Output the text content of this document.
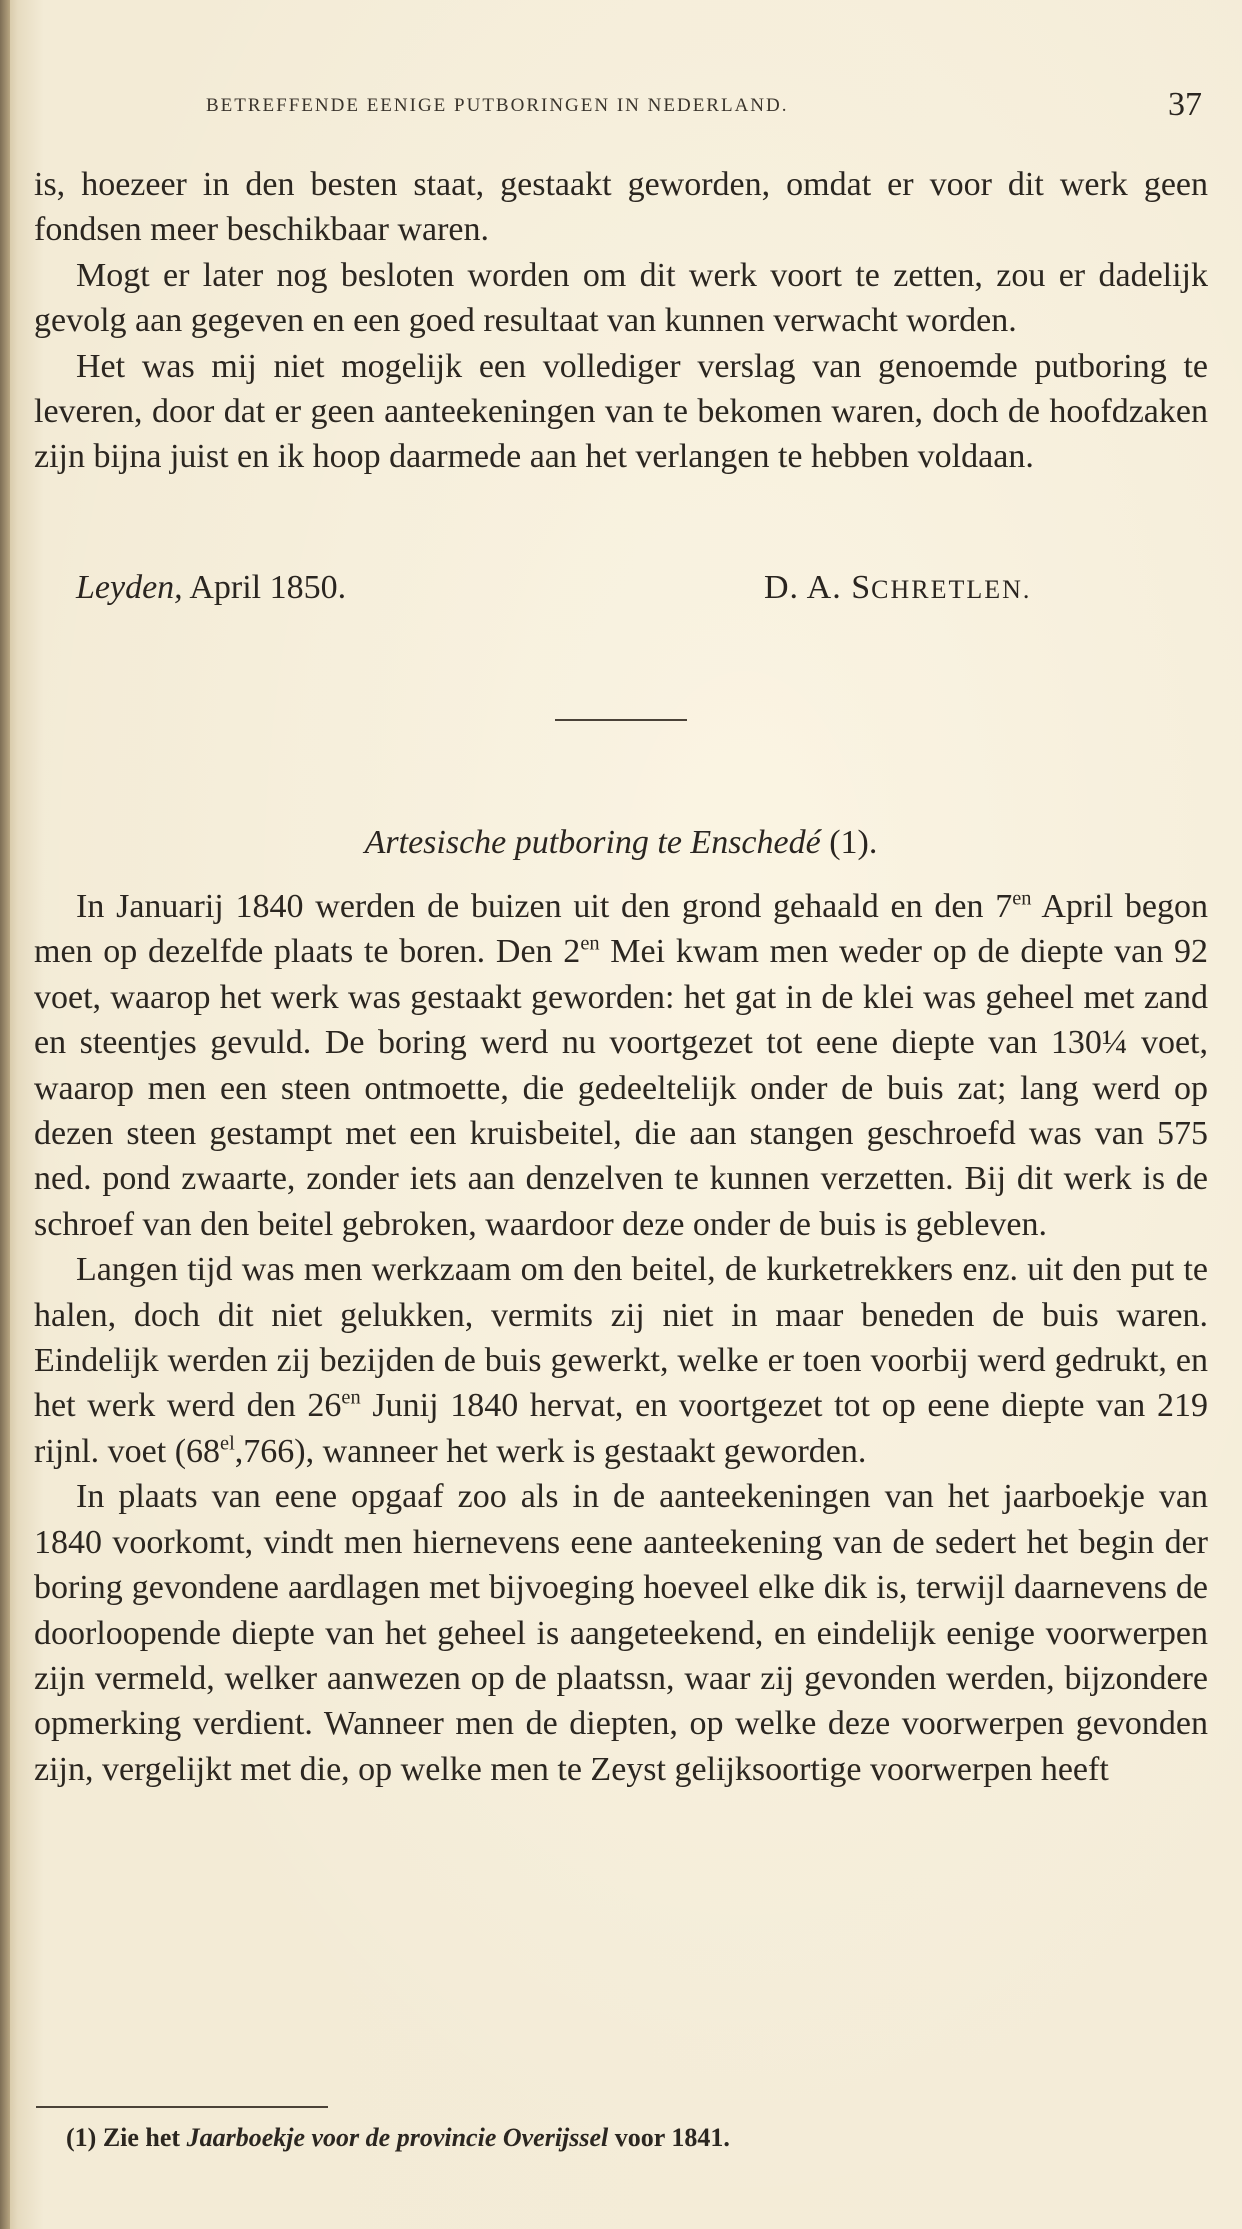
BETREFFENDE EENIGE PUTBORINGEN IN NEDERLAND.	37

is, hoezeer in den besten staat, gestaakt geworden, omdat er voor dit werk geen fondsen meer beschikbaar waren.

Mogt er later nog besloten worden om dit werk voort te zetten, zou er dadelijk gevolg aan gegeven en een goed resultaat van kunnen verwacht worden.

Het was mij niet mogelijk een vollediger verslag van genoemde putboring te leveren, door dat er geen aanteekeningen van te bekomen waren, doch de hoofdzaken zijn bijna juist en ik hoop daarmede aan het verlangen te hebben voldaan.

Leyden, April 1850.	D. A. SCHRETLEN.
Artesische putboring te Enschedé (1).

In Januarij 1840 werden de buizen uit den grond gehaald en den $7^{en}$ April begon men op dezelfde plaats te boren. Den $2^{en}$ Mei kwam men weder op de diepte van 92 voet, waarop het werk was gestaakt geworden: het gat in de klei was geheel met zand en steentjes gevuld. De boring werd nu voortgezet tot eene diepte van 130¼ voet, waarop men een steen ontmoette, die gedeeltelijk onder de buis zat; lang werd op dezen steen gestampt met een kruisbeitel, die aan stangen geschroefd was van 575 ned. pond zwaarte, zonder iets aan denzelven te kunnen verzetten. Bij dit werk is de schroef van den beitel gebroken, waardoor deze onder de buis is gebleven.

Langen tijd was men werkzaam om den beitel, de kurketrekkers enz. uit den put te halen, doch dit niet gelukken, vermits zij niet in maar beneden de buis waren. Eindelijk werden zij bezijden de buis gewerkt, welke er toen voorbij werd gedrukt, en het werk werd den $26^{en}$ Junij 1840 hervat, en voortgezet tot op eene diepte van 219 rijnl. voet $(68^{el},766)$, wanneer het werk is gestaakt geworden.

In plaats van eene opgaaf zoo als in de aanteekeningen van het jaarboekje van 1840 voorkomt, vindt men hiernevens eene aanteekening van de sedert het begin der boring gevondene aardlagen met bijvoeging hoeveel elke dik is, terwijl daarnevens de doorloopende diepte van het geheel is aangeteekend, en eindelijk eenige voorwerpen zijn vermeld, welker aanwezen op de plaatssn, waar zij gevonden werden, bijzondere opmerking verdient. Wanneer men de diepten, op welke deze voorwerpen gevonden zijn, vergelijkt met die, op welke men te Zeyst gelijksoortige voorwerpen heeft

(1) Zie het Jaarboekje voor de provincie Overijssel voor 1841.
